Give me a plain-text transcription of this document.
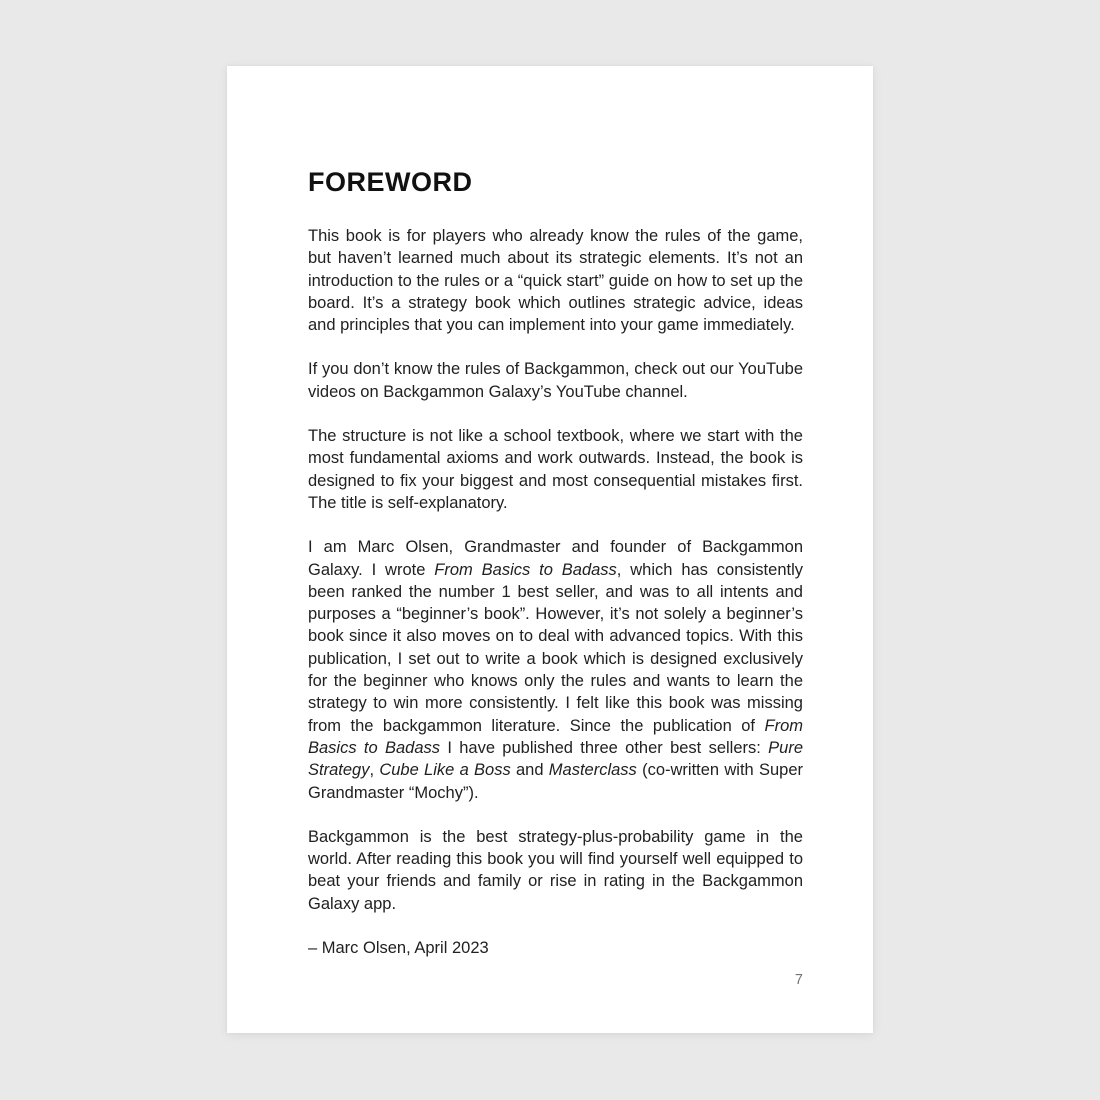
FOREWORD

This book is for players who already know the rules of the game, but haven’t learned much about its strategic elements. It’s not an introduction to the rules or a “quick start” guide on how to set up the board. It’s a strategy book which outlines strategic advice, ideas and principles that you can implement into your game immediately.

If you don’t know the rules of Backgammon, check out our YouTube videos on Backgammon Galaxy’s YouTube channel.

The structure is not like a school textbook, where we start with the most fundamental axioms and work outwards. Instead, the book is designed to fix your biggest and most consequential mistakes first. The title is self-explanatory.

I am Marc Olsen, Grandmaster and founder of Backgammon Galaxy. I wrote From Basics to Badass, which has consistently been ranked the number 1 best seller, and was to all intents and purposes a “beginner’s book”. However, it’s not solely a beginner’s book since it also moves on to deal with advanced topics. With this publication, I set out to write a book which is designed exclusively for the beginner who knows only the rules and wants to learn the strategy to win more consistently. I felt like this book was missing from the backgammon literature. Since the publication of From Basics to Badass I have published three other best sellers: Pure Strategy, Cube Like a Boss and Masterclass (co-written with Super Grandmaster “Mochy”).

Backgammon is the best strategy-plus-probability game in the world. After reading this book you will find yourself well equipped to beat your friends and family or rise in rating in the Backgammon Galaxy app.

– Marc Olsen, April 2023

7
